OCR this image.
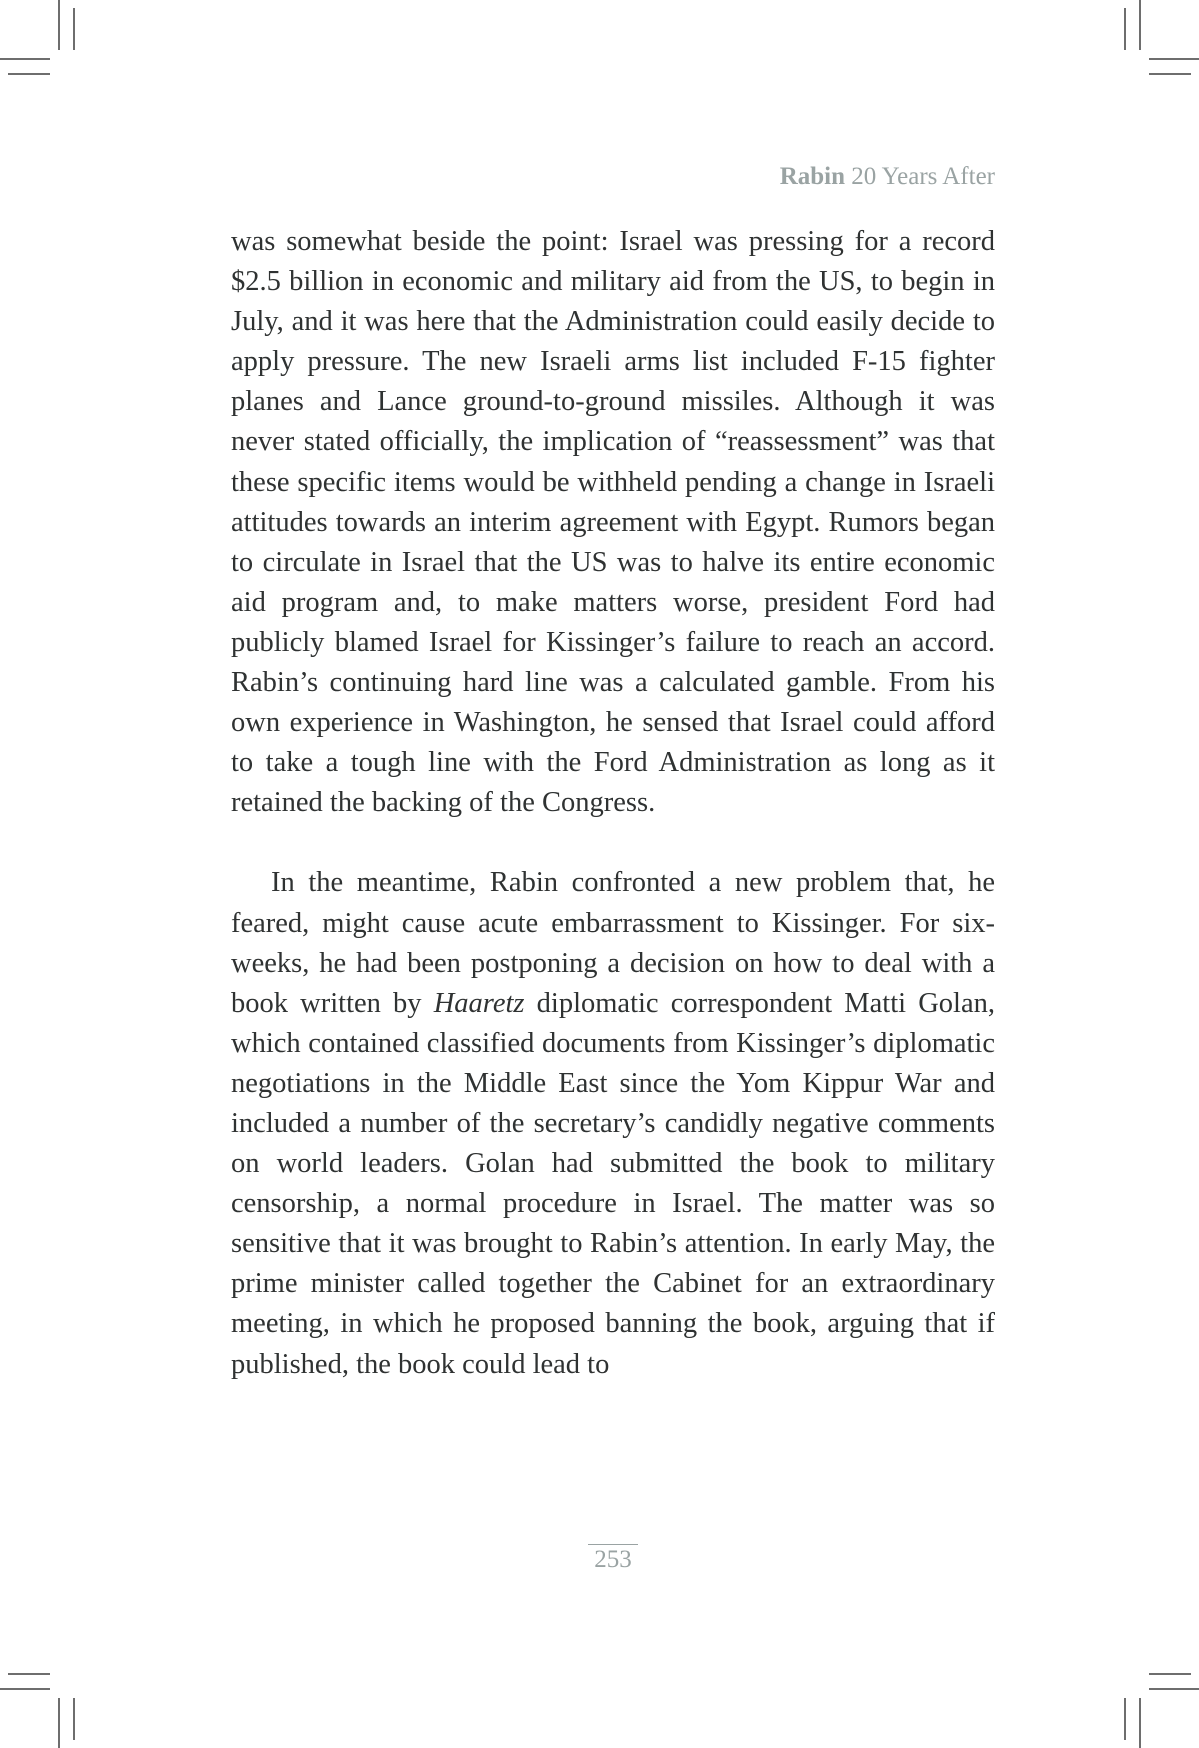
Rabin 20 Years After

was somewhat beside the point: Israel was pressing for a record $2.5 billion in economic and military aid from the US, to begin in July, and it was here that the Administration could easily decide to apply pressure. The new Israeli arms list included F-15 fighter planes and Lance ground-to-ground missiles. Although it was never stated officially, the implication of “reassessment” was that these specific items would be withheld pending a change in Israeli attitudes towards an interim agreement with Egypt. Rumors began to circulate in Israel that the US was to halve its entire economic aid program and, to make matters worse, president Ford had publicly blamed Israel for Kissinger’s failure to reach an accord. Rabin’s continuing hard line was a calculated gamble. From his own experience in Washington, he sensed that Israel could afford to take a tough line with the Ford Administration as long as it retained the backing of the Congress.

In the meantime, Rabin confronted a new problem that, he feared, might cause acute embarrassment to Kissinger. For six-weeks, he had been postponing a decision on how to deal with a book written by Haaretz diplomatic correspondent Matti Golan, which contained classified documents from Kissinger’s diplomatic negotiations in the Middle East since the Yom Kippur War and included a number of the secretary’s candidly negative comments on world leaders. Golan had submitted the book to military censorship, a normal procedure in Israel. The matter was so sensitive that it was brought to Rabin’s attention. In early May, the prime minister called together the Cabinet for an extraordinary meeting, in which he proposed banning the book, arguing that if published, the book could lead to

253
